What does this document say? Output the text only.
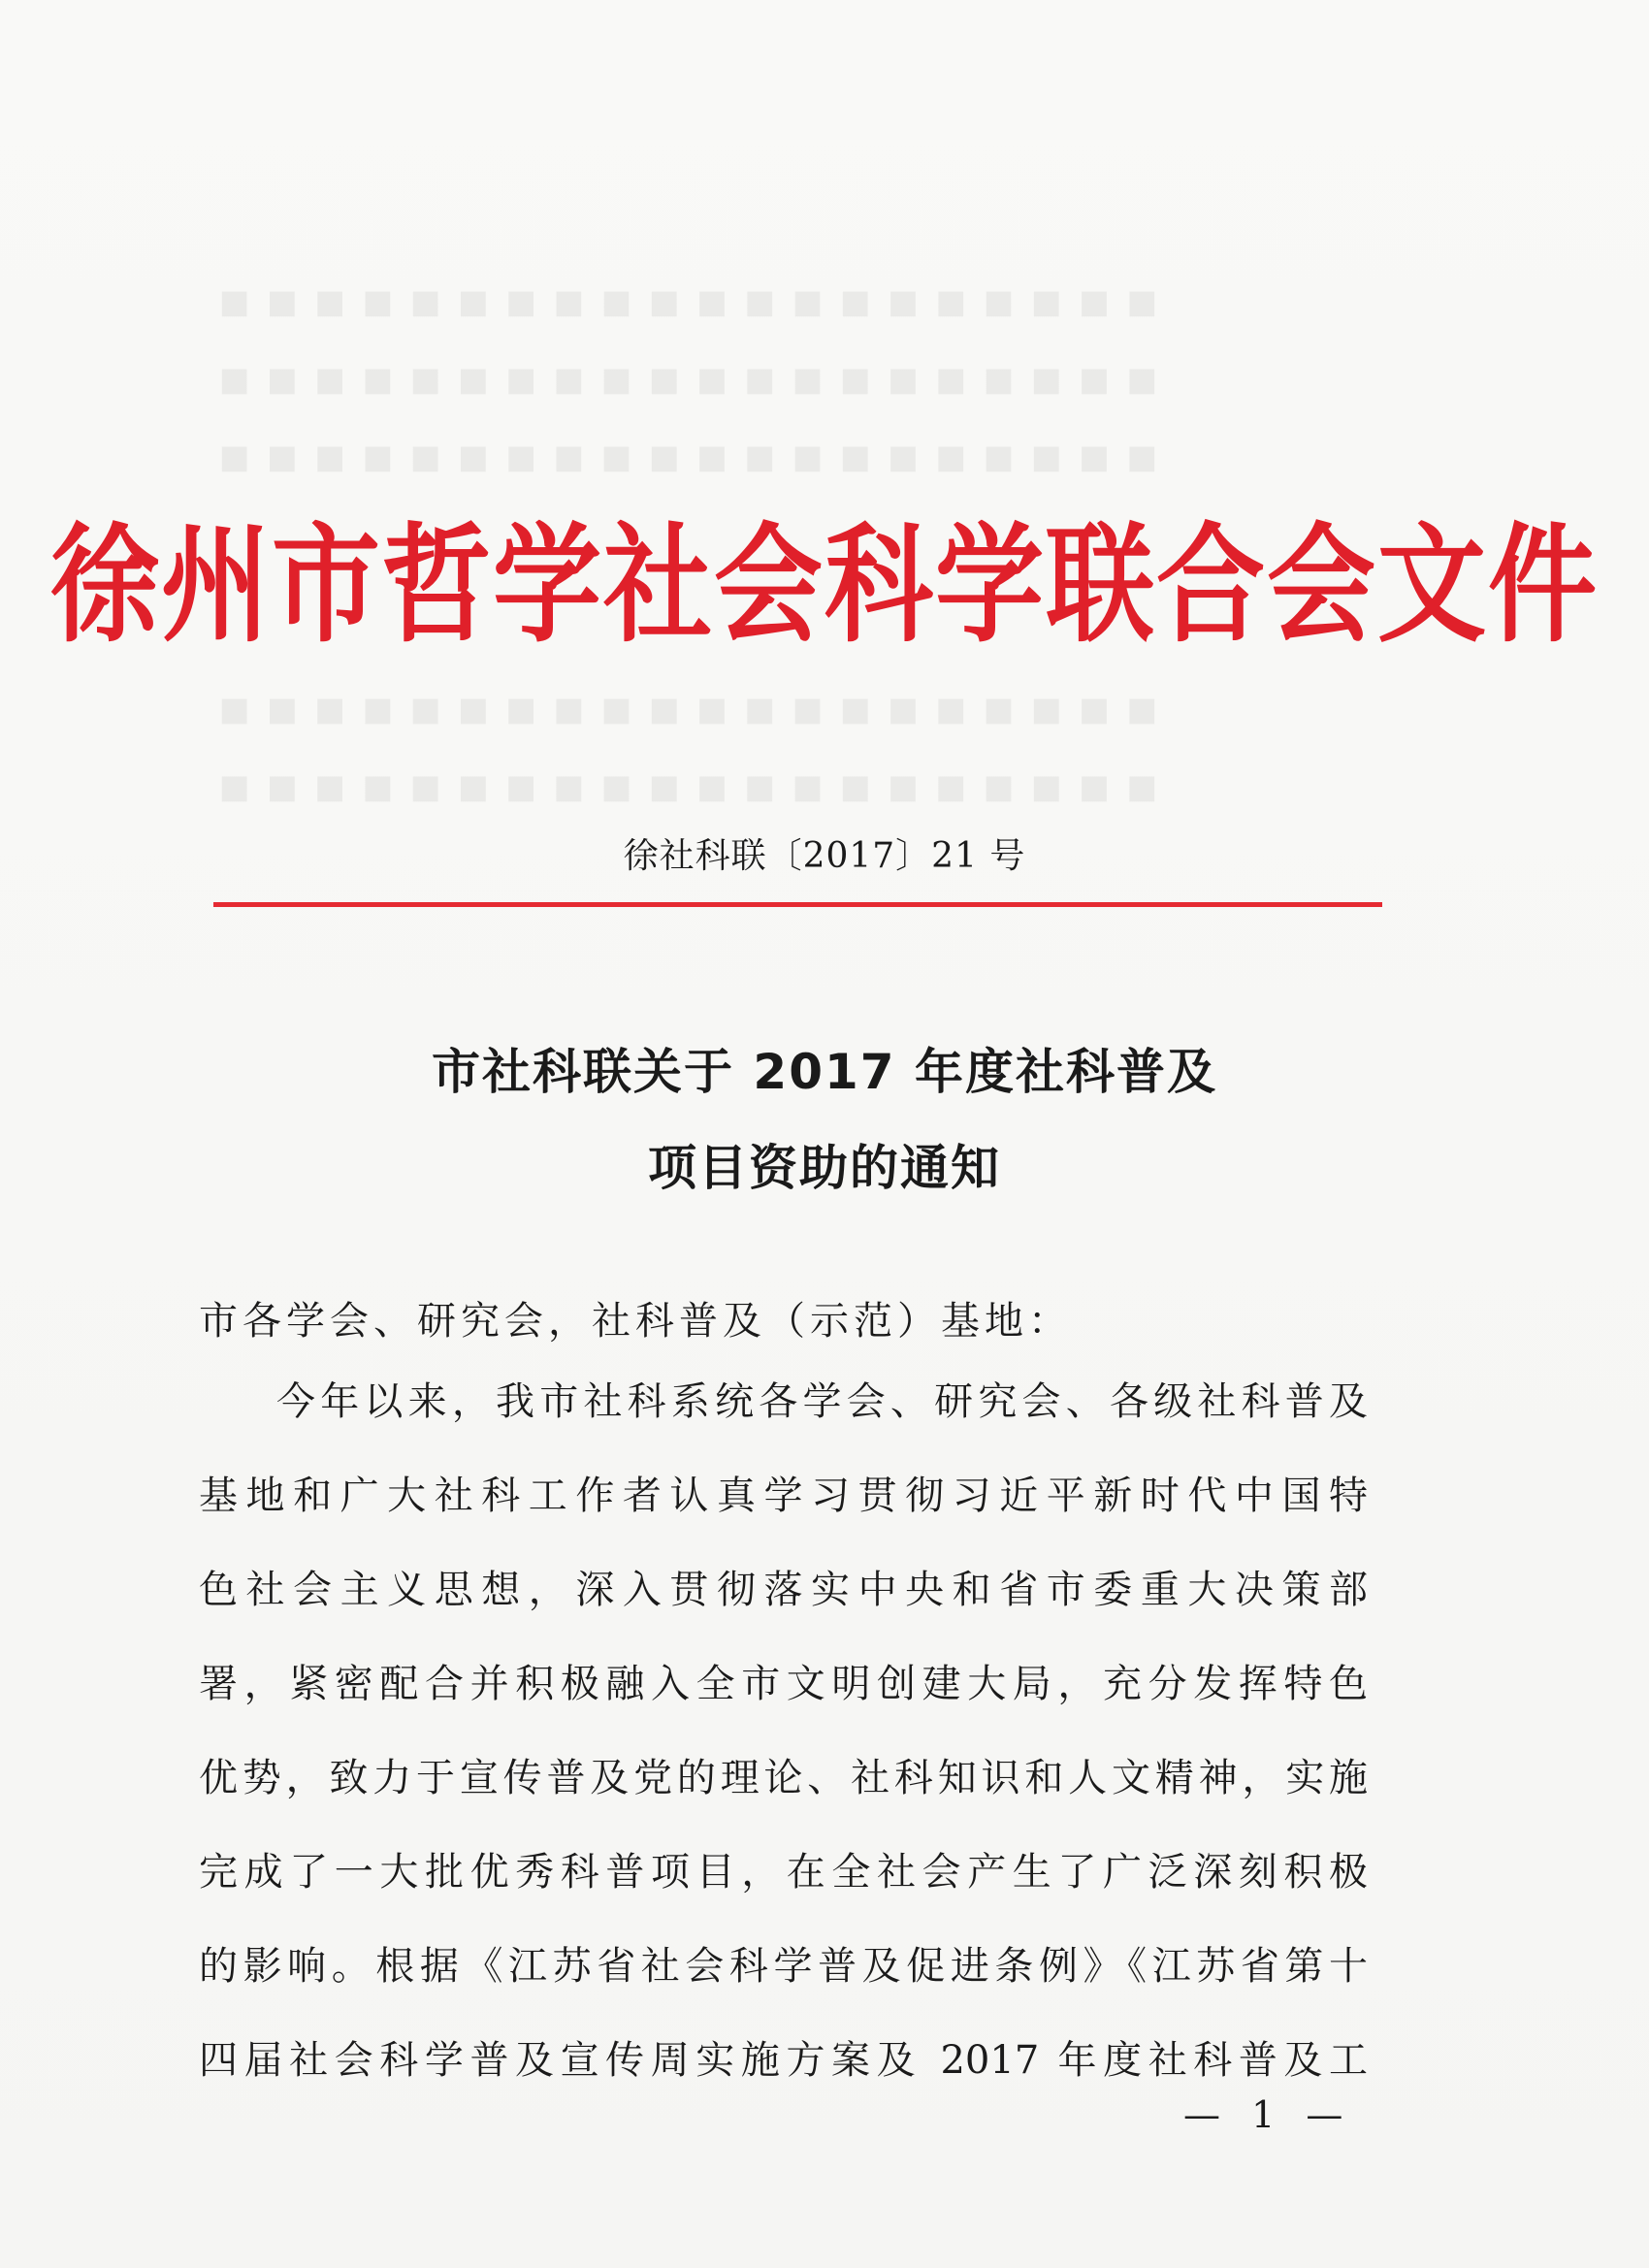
▪▪▪▪▪▪▪▪▪▪▪▪▪▪▪▪▪▪▪▪
▪▪▪▪▪▪▪▪▪▪▪▪▪▪▪▪▪▪▪▪
▪▪▪▪▪▪▪▪▪▪▪▪▪▪▪▪▪▪▪▪
▪▪▪▪▪▪▪▪▪▪▪▪▪▪▪▪▪▪▪▪
▪▪▪▪▪▪▪▪▪▪▪▪▪▪▪▪▪▪▪▪
徐州市哲学社会科学联合会文件
徐社科联〔2017〕21 号
市社科联关于 2017 年度社科普及
项目资助的通知
市各学会、研究会，社科普及（示范）基地：
今年以来，我市社科系统各学会、研究会、各级社科普及
基地和广大社科工作者认真学习贯彻习近平新时代中国特
色社会主义思想，深入贯彻落实中央和省市委重大决策部
署，紧密配合并积极融入全市文明创建大局，充分发挥特色
优势，致力于宣传普及党的理论、社科知识和人文精神，实施
完成了一大批优秀科普项目，在全社会产生了广泛深刻积极
的影响。根据《江苏省社会科学普及促进条例》《江苏省第十
四届社会科学普及宣传周实施方案及 2017 年度社科普及工
— 1 —
